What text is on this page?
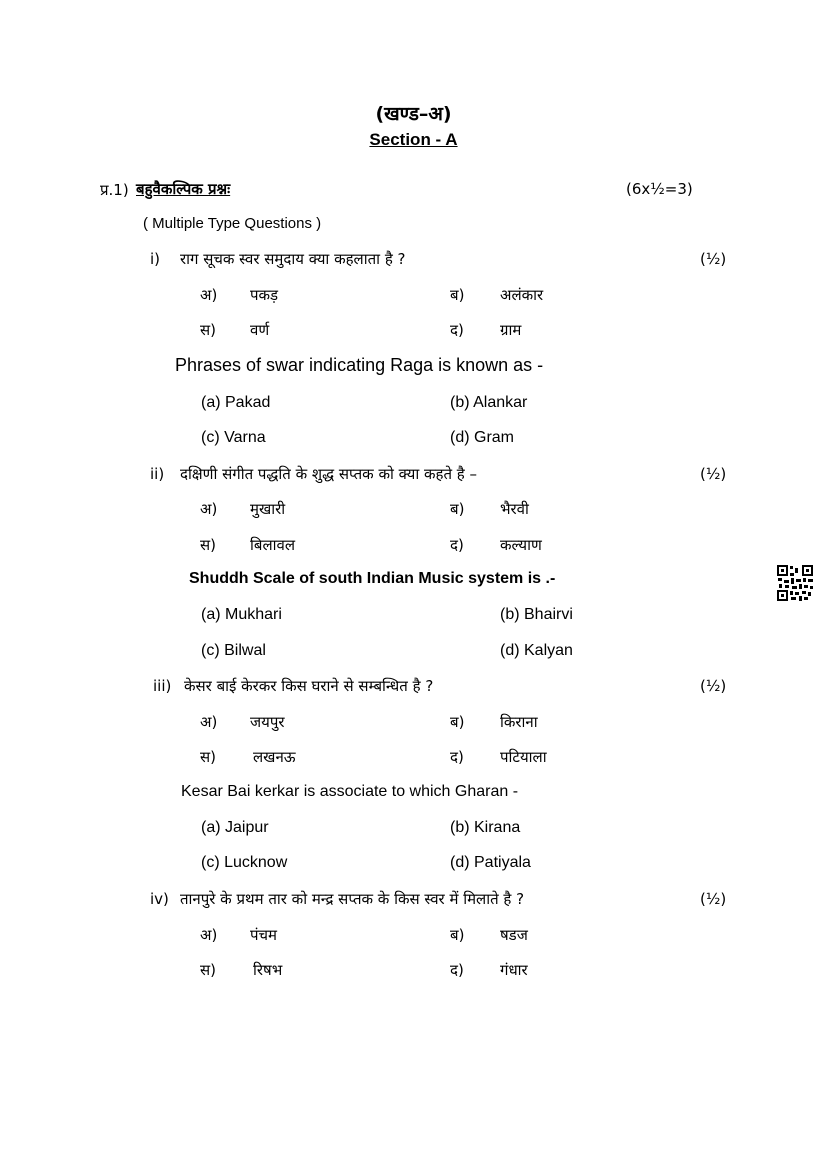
(खण्ड–अ)
Section - A
प्र.1) बहुवैकल्पिक प्रश्नः	(6x½=3)
( Multiple Type Questions )
i) राग सूचक स्वर समुदाय क्या कहलाता है ?	(½)
अ) पकड़	ब) अलंकार
स) वर्ण	द) ग्राम
Phrases of swar indicating Raga is known as -
(a) Pakad	(b) Alankar
(c) Varna	(d) Gram
ii) दक्षिणी संगीत पद्धति के शुद्ध सप्तक को क्या कहते है –	(½)
अ) मुखारी	ब) भैरवी
स) बिलावल	द) कल्याण
Shuddh Scale of south Indian Music system is .-
(a) Mukhari	(b) Bhairvi
(c) Bilwal	(d) Kalyan
iii) केसर बाई केरकर किस घराने से सम्बन्धित है ?	(½)
अ) जयपुर	ब) किराना
स) लखनऊ	द) पटियाला
Kesar Bai kerkar is associate to which Gharan -
(a) Jaipur	(b) Kirana
(c) Lucknow	(d) Patiyala
iv) तानपुरे के प्रथम तार को मन्द्र सप्तक के किस स्वर में मिलाते है ?	(½)
अ) पंचम	ब) षडज
स) रिषभ	द) गंधार
